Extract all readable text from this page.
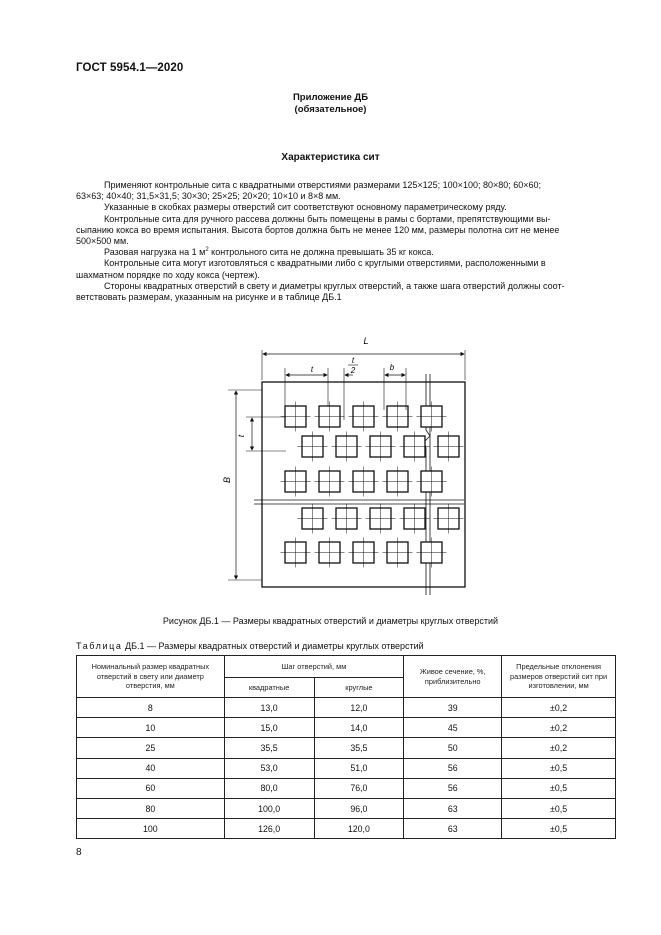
ГОСТ 5954.1—2020
Приложение ДБ
(обязательное)
Характеристика сит

Применяют контрольные сита с квадратными отверстиями размерами 125×125; 100×100; 80×80; 60×60;

63×63; 40×40; 31,5×31,5; 30×30; 25×25; 20×20; 10×10 и 8×8 мм.

Указанные в скобках размеры отверстий сит соответствуют основному параметрическому ряду.

Контрольные сита для ручного рассева должны быть помещены в рамы с бортами, препятствующими вы-

сыпанию кокса во время испытания. Высота бортов должна быть не менее 120 мм, размеры полотна сит не менее

500×500 мм.

Разовая нагрузка на 1 $м^2$ контрольного сита не должна превышать 35 кг кокса.

Контрольные сита могут изготовляться с квадратными либо с круглыми отверстиями, расположенными в

шахматном порядке по ходу кокса (чертеж).

Стороны квадратных отверстий в свету и диаметры круглых отверстий, а также шага отверстий должны соот-

ветствовать размерам, указанным на рисунке и в таблице ДБ.1

L
t
t
2	b
B
t
Рисунок ДБ.1 — Размеры квадратных отверстий и диаметры круглых отверстий
Таблица ДБ.1 — Размеры квадратных отверстий и диаметры круглых отверстий
Номинальный размер квадратных отверстий в свету или диаметр отверстия, мм	Шаг отверстий, мм		Живое сечение, %, приблизительно	Предельные отклонения размеров отверстий сит при изготовлении, мм
	квадратные	круглые		
8	13,0	12,0	39	±0,2
10	15,0	14,0	45	±0,2
25	35,5	35,5	50	±0,2
40	53,0	51,0	56	±0,5
60	80,0	76,0	56	±0,5
80	100,0	96,0	63	±0,5
100	126,0	120,0	63	±0,5
8
